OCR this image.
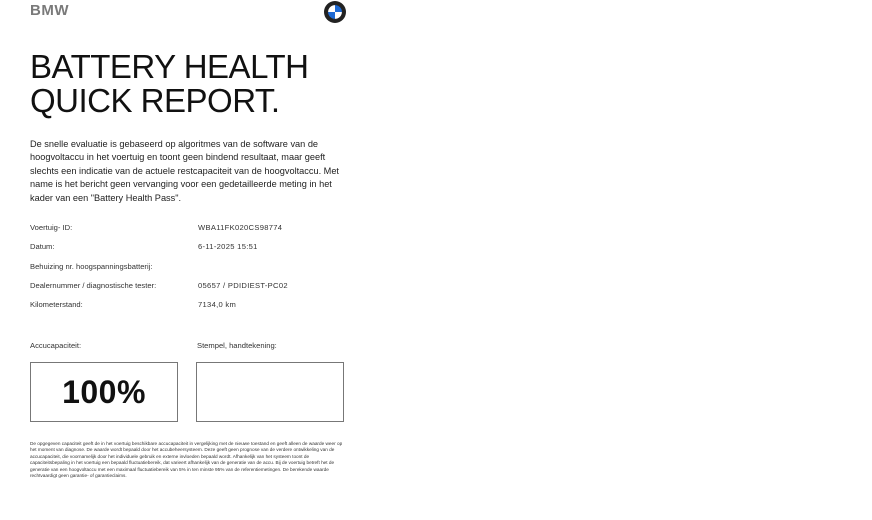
BMW
BATTERY HEALTH
QUICK REPORT.
De snelle evaluatie is gebaseerd op algoritmes van de software van de hoogvoltaccu in het voertuig en toont geen bindend resultaat, maar geeft slechts een indicatie van de actuele restcapaciteit van de hoogvoltaccu. Met name is het bericht geen vervanging voor een gedetailleerde meting in het kader van een "Battery Health Pass".
Voertuig- ID:	WBA11FK020CS98774
Datum:	6-11-2025 15:51
Behuizing nr. hoogspanningsbatterij:
Dealernummer / diagnostische tester:	05657 / PDIDIEST-PC02
Kilometerstand:	7134,0 km
Accucapaciteit:	Stempel, handtekening:
100%
De opgegeven capaciteit geeft de in het voertuig beschikbare accucapaciteit in vergelijking met de nieuwe toestand en geeft alleen de waarde weer op het moment van diagnose. De waarde wordt bepaald door het accubeheersysteem. Deze geeft geen prognose van de verdere ontwikkeling van de accucapaciteit, die voornamelijk door het individuele gebruik en externe invloeden bepaald wordt. Afhankelijk van het systeem toont de capaciteitsbepaling in het voertuig een bepaald fluctuatiebereik, dat varieert afhankelijk van de generatie van de accu. Bij de voertuig betreft het de generatie van een hoogvoltaccu met een maximaal fluctuatiebereik van 5% in ten minste 95% van de referentiemetingen. De berekende waarde rechtvaardigt geen garantie- of garantieclaims.
